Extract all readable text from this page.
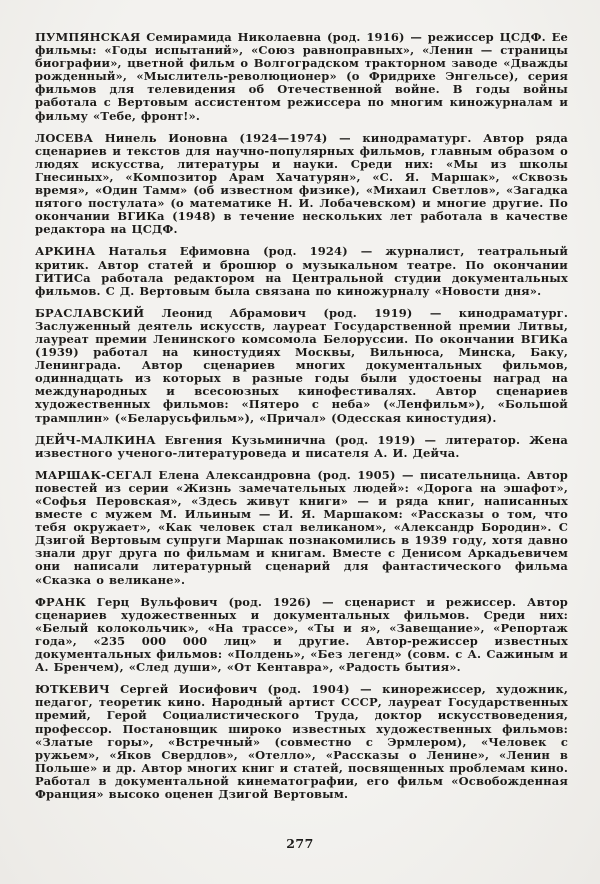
ПУМПЯНСКАЯ Семирамида Николаевна (род. 1916) — режиссер ЦСДФ. Ее фильмы: «Годы испытаний», «Союз равноправных», «Ленин — страницы биографии», цветной фильм о Волгоградском тракторном заводе «Дважды рожденный», «Мыслитель-революционер» (о Фридрихе Энгельсе), серия фильмов для телевидения об Отечественной войне. В годы войны работала с Вертовым ассистентом режиссера по многим киножурналам и фильму «Тебе, фронт!».

ЛОСЕВА Нинель Ионовна (1924—1974) — кинодраматург. Автор ряда сценариев и текстов для научно-популярных фильмов, главным образом о людях искусства, литературы и науки. Среди них: «Мы из школы Гнесиных», «Композитор Арам Хачатурян», «С. Я. Маршак», «Сквозь время», «Один Тамм» (об известном физике), «Михаил Светлов», «Загадка пятого постулата» (о математике Н. И. Лобачевском) и многие другие. По окончании ВГИКа (1948) в течение нескольких лет работала в качестве редактора на ЦСДФ.

АРКИНА Наталья Ефимовна (род. 1924) — журналист, театральный критик. Автор статей и брошюр о музыкальном театре. По окончании ГИТИСа работала редактором на Центральной студии документальных фильмов. С Д. Вертовым была связана по киножурналу «Новости дня».

БРАСЛАВСКИЙ Леонид Абрамович (род. 1919) — кинодраматург. Заслуженный деятель искусств, лауреат Государственной премии Литвы, лауреат премии Ленинского комсомола Белоруссии. По окончании ВГИКа (1939) работал на киностудиях Москвы, Вильнюса, Минска, Баку, Ленинграда. Автор сценариев многих документальных фильмов, одиннадцать из которых в разные годы были удостоены наград на международных и всесоюзных кинофестивалях. Автор сценариев художественных фильмов: «Пятеро с неба» («Ленфильм»), «Большой трамплин» («Беларусьфильм»), «Причал» (Одесская киностудия).

ДЕЙЧ-МАЛКИНА Евгения Кузьминична (род. 1919) — литератор. Жена известного ученого-литературоведа и писателя А. И. Дейча.

МАРШАК-СЕГАЛ Елена Александровна (род. 1905) — писательница. Автор повестей из серии «Жизнь замечательных людей»: «Дорога на эшафот», «Софья Перовская», «Здесь живут книги» — и ряда книг, написанных вместе с мужем М. Ильиным — И. Я. Маршаком: «Рассказы о том, что тебя окружает», «Как человек стал великаном», «Александр Бородин». С Дзигой Вертовым супруги Маршак познакомились в 1939 году, хотя давно знали друг друга по фильмам и книгам. Вместе с Денисом Аркадьевичем они написали литературный сценарий для фантастического фильма «Сказка о великане».

ФРАНК Герц Вульфович (род. 1926) — сценарист и режиссер. Автор сценариев художественных и документальных фильмов. Среди них: «Белый колокольчик», «На трассе», «Ты и я», «Завещание», «Репортаж года», «235 000 000 лиц» и другие. Автор-режиссер известных документальных фильмов: «Полдень», «Без легенд» (совм. с А. Сажиным и А. Бренчем), «След души», «От Кентавра», «Радость бытия».

ЮТКЕВИЧ Сергей Иосифович (род. 1904) — кинорежиссер, художник, педагог, теоретик кино. Народный артист СССР, лауреат Государственных премий, Герой Социалистического Труда, доктор искусствоведения, профессор. Постановщик широко известных художественных фильмов: «Златые горы», «Встречный» (совместно с Эрмлером), «Человек с ружьем», «Яков Свердлов», «Отелло», «Рассказы о Ленине», «Ленин в Польше» и др. Автор многих книг и статей, посвященных проблемам кино. Работал в документальной кинематографии, его фильм «Освобожденная Франция» высоко оценен Дзигой Вертовым.

277
